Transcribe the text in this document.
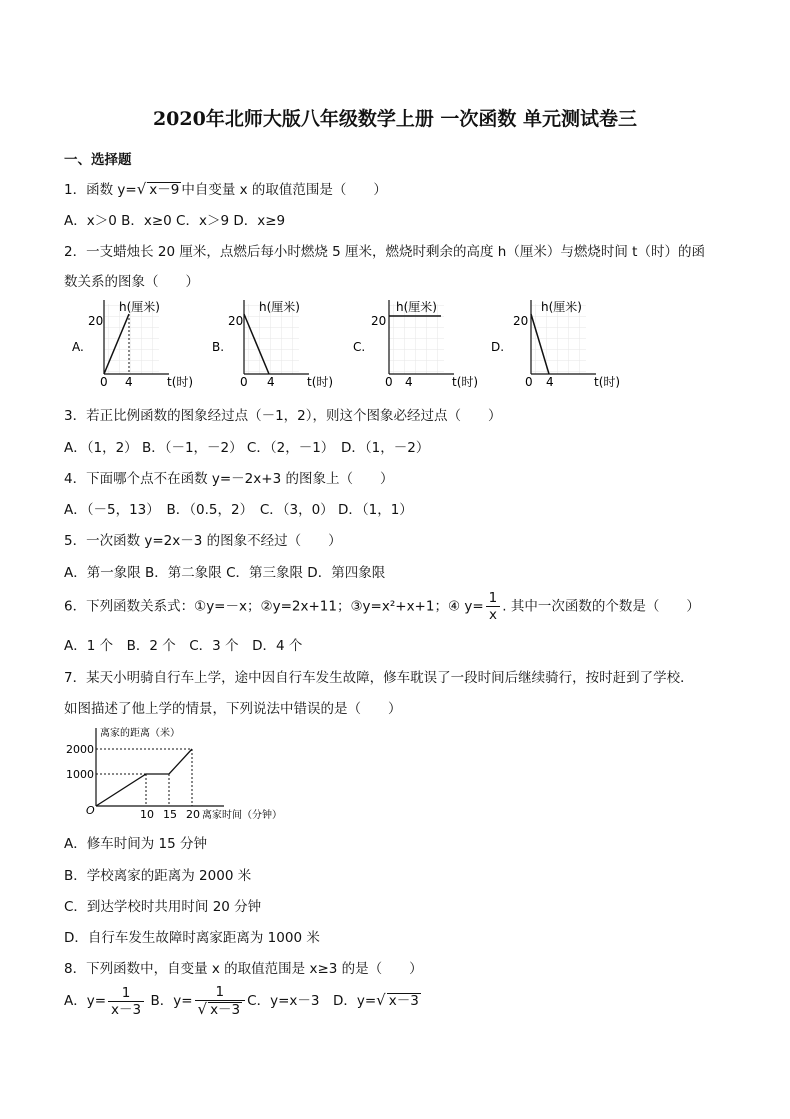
2020年北师大版八年级数学上册 一次函数 单元测试卷三
一、选择题
1．函数 y=√ x－9 中自变量 x 的取值范围是（　　）
A．x＞0 B．x≥0 C．x＞9 D．x≥9
2．一支蜡烛长 20 厘米，点燃后每小时燃烧 5 厘米，燃烧时剩余的高度 h（厘米）与燃烧时间 t（时）的函
数关系的图象（　　）
A.
h(厘米)
20
0 4	t(时)
B.
h(厘米)
20
0 4	t(时)
C.
h(厘米)
20
0 4	t(时)
D.
h(厘米)
20
0 4	t(时)
3．若正比例函数的图象经过点（－1，2），则这个图象必经过点（　　）
A．（1，2） B．（－1，－2） C．（2，－1）　D．（1，－2）
4．下面哪个点不在函数 y=－2x+3 的图象上（　　）
A．（－5，13）　B．（0.5，2）　C．（3，0） D．（1，1）
5．一次函数 y=2x－3 的图象不经过（　　）
A．第一象限 B．第二象限 C．第三象限 D．第四象限
6．下列函数关系式：①y=－x；②y=2x+11；③y=x²+x+1；④ $y= \frac{1}{x}$ . 其中一次函数的个数是（　　）
A．1 个　B．2 个　C．3 个　D．4 个
7．某天小明骑自行车上学，途中因自行车发生故障，修车耽误了一段时间后继续骑行，按时赶到了学校．
如图描述了他上学的情景，下列说法中错误的是（　　）
离家的距离（米）
2000
1000
O	10 15 20 离家时间（分钟）
A．修车时间为 15 分钟
B．学校离家的距离为 2000 米
C．到达学校时共用时间 20 分钟
D．自行车发生故障时离家距离为 1000 米
8．下列函数中，自变量 x 的取值范围是 x≥3 的是（　　）
A．$y= \frac{1}{x-3}$ B．$y= \frac{1}{√ x-3}$ C．y=x－3　D．y=√ x－3
